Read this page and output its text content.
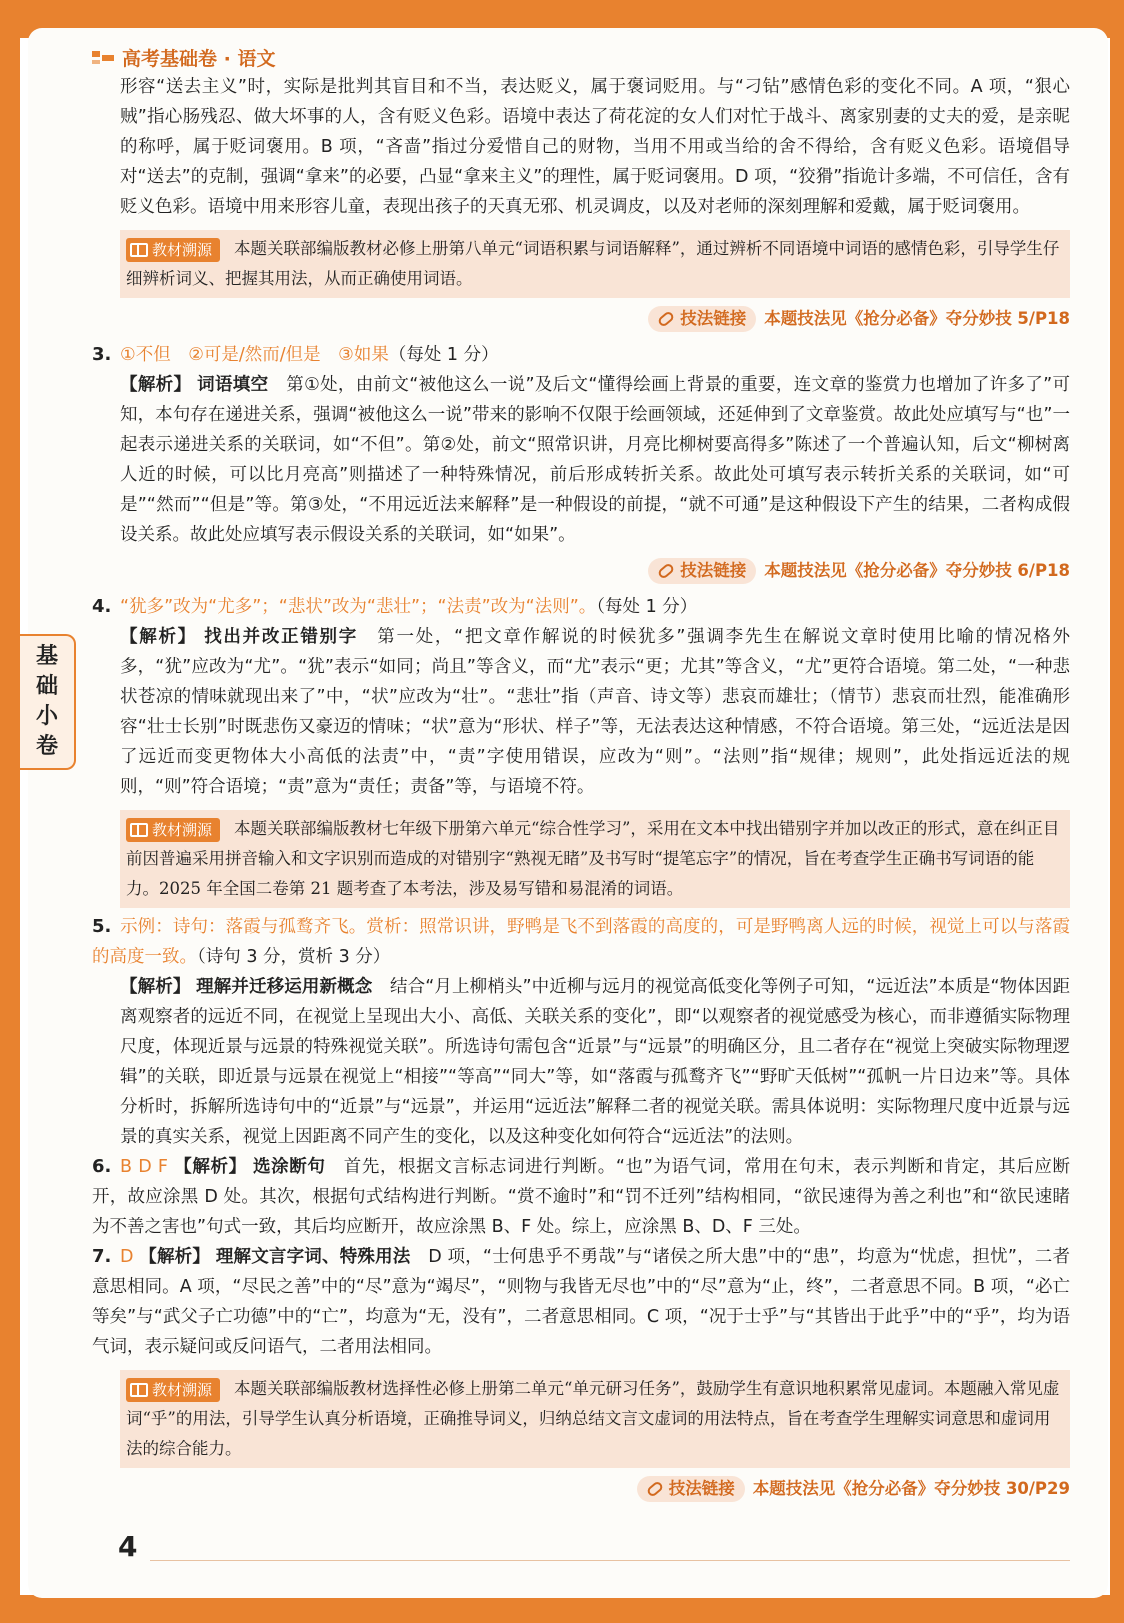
高考基础卷 · 语文
基
础
小
卷

形容“送去主义”时，实际是批判其盲目和不当，表达贬义，属于褒词贬用。与“刁钻”感情色彩的变化不同。A 项，“狠心贼”指心肠残忍、做大坏事的人，含有贬义色彩。语境中表达了荷花淀的女人们对忙于战斗、离家别妻的丈夫的爱，是亲昵的称呼，属于贬词褒用。B 项，“吝啬”指过分爱惜自己的财物，当用不用或当给的舍不得给，含有贬义色彩。语境倡导对“送去”的克制，强调“拿来”的必要，凸显“拿来主义”的理性，属于贬词褒用。D 项，“狡猾”指诡计多端，不可信任，含有贬义色彩。语境中用来形容儿童，表现出孩子的天真无邪、机灵调皮，以及对老师的深刻理解和爱戴，属于贬词褒用。

教材溯源 本题关联部编版教材必修上册第八单元“词语积累与词语解释”，通过辨析不同语境中词语的感情色彩，引导学生仔细辨析词义、把握其用法，从而正确使用词语。
技法链接 本题技法见《抢分必备》夺分妙技 5/P18

3. ①不但　②可是/然而/但是　③如果（每处 1 分）

【解析】 词语填空　 第①处，由前文“被他这么一说”及后文“懂得绘画上背景的重要，连文章的鉴赏力也增加了许多了”可知，本句存在递进关系，强调“被他这么一说”带来的影响不仅限于绘画领域，还延伸到了文章鉴赏。故此处应填写与“也”一起表示递进关系的关联词，如“不但”。第②处，前文“照常识讲，月亮比柳树要高得多”陈述了一个普遍认知，后文“柳树离人近的时候，可以比月亮高”则描述了一种特殊情况，前后形成转折关系。故此处可填写表示转折关系的关联词，如“可是”“然而”“但是”等。第③处，“不用远近法来解释”是一种假设的前提，“就不可通”是这种假设下产生的结果，二者构成假设关系。故此处应填写表示假设关系的关联词，如“如果”。

技法链接 本题技法见《抢分必备》夺分妙技 6/P18

4. “犹多”改为“尤多”；“悲状”改为“悲壮”；“法责”改为“法则”。（每处 1 分）

【解析】 找出并改正错别字　 第一处，“把文章作解说的时候犹多”强调李先生在解说文章时使用比喻的情况格外多，“犹”应改为“尤”。“犹”表示“如同；尚且”等含义，而“尤”表示“更；尤其”等含义，“尤”更符合语境。第二处，“一种悲状苍凉的情味就现出来了”中，“状”应改为“壮”。“悲壮”指（声音、诗文等）悲哀而雄壮；（情节）悲哀而壮烈，能准确形容“壮士长别”时既悲伤又豪迈的情味；“状”意为“形状、样子”等，无法表达这种情感，不符合语境。第三处，“远近法是因了远近而变更物体大小高低的法责”中，“责”字使用错误，应改为“则”。“法则”指“规律；规则”，此处指远近法的规则，“则”符合语境；“责”意为“责任；责备”等，与语境不符。

教材溯源 本题关联部编版教材七年级下册第六单元“综合性学习”，采用在文本中找出错别字并加以改正的形式，意在纠正目前因普遍采用拼音输入和文字识别而造成的对错别字“熟视无睹”及书写时“提笔忘字”的情况，旨在考查学生正确书写词语的能力。2025 年全国二卷第 21 题考查了本考法，涉及易写错和易混淆的词语。

5. 示例：诗句：落霞与孤鹜齐飞。赏析：照常识讲，野鸭是飞不到落霞的高度的，可是野鸭离人远的时候，视觉上可以与落霞的高度一致。（诗句 3 分，赏析 3 分）

【解析】 理解并迁移运用新概念　 结合“月上柳梢头”中近柳与远月的视觉高低变化等例子可知，“远近法”本质是“物体因距离观察者的远近不同，在视觉上呈现出大小、高低、关联关系的变化”，即“以观察者的视觉感受为核心，而非遵循实际物理尺度，体现近景与远景的特殊视觉关联”。所选诗句需包含“近景”与“远景”的明确区分，且二者存在“视觉上突破实际物理逻辑”的关联，即近景与远景在视觉上“相接”“等高”“同大”等，如“落霞与孤鹜齐飞”“野旷天低树”“孤帆一片日边来”等。具体分析时，拆解所选诗句中的“近景”与“远景”，并运用“远近法”解释二者的视觉关联。需具体说明：实际物理尺度中近景与远景的真实关系，视觉上因距离不同产生的变化，以及这种变化如何符合“远近法”的法则。

6. B D F 【解析】 选涂断句　 首先，根据文言标志词进行判断。“也”为语气词，常用在句末，表示判断和肯定，其后应断开，故应涂黑 D 处。其次，根据句式结构进行判断。“赏不逾时”和“罚不迁列”结构相同，“欲民速得为善之利也”和“欲民速睹为不善之害也”句式一致，其后均应断开，故应涂黑 B、F 处。综上，应涂黑 B、D、F 三处。

7. D 【解析】 理解文言字词、特殊用法　 D 项，“士何患乎不勇哉”与“诸侯之所大患”中的“患”，均意为“忧虑，担忧”，二者意思相同。A 项，“尽民之善”中的“尽”意为“竭尽”，“则物与我皆无尽也”中的“尽”意为“止，终”，二者意思不同。B 项，“必亡等矣”与“武父子亡功德”中的“亡”，均意为“无，没有”，二者意思相同。C 项，“况于士乎”与“其皆出于此乎”中的“乎”，均为语气词，表示疑问或反问语气，二者用法相同。

教材溯源 本题关联部编版教材选择性必修上册第二单元“单元研习任务”，鼓励学生有意识地积累常见虚词。本题融入常见虚词“乎”的用法，引导学生认真分析语境，正确推导词义，归纳总结文言文虚词的用法特点，旨在考查学生理解实词意思和虚词用法的综合能力。
技法链接 本题技法见《抢分必备》夺分妙技 30/P29
4
